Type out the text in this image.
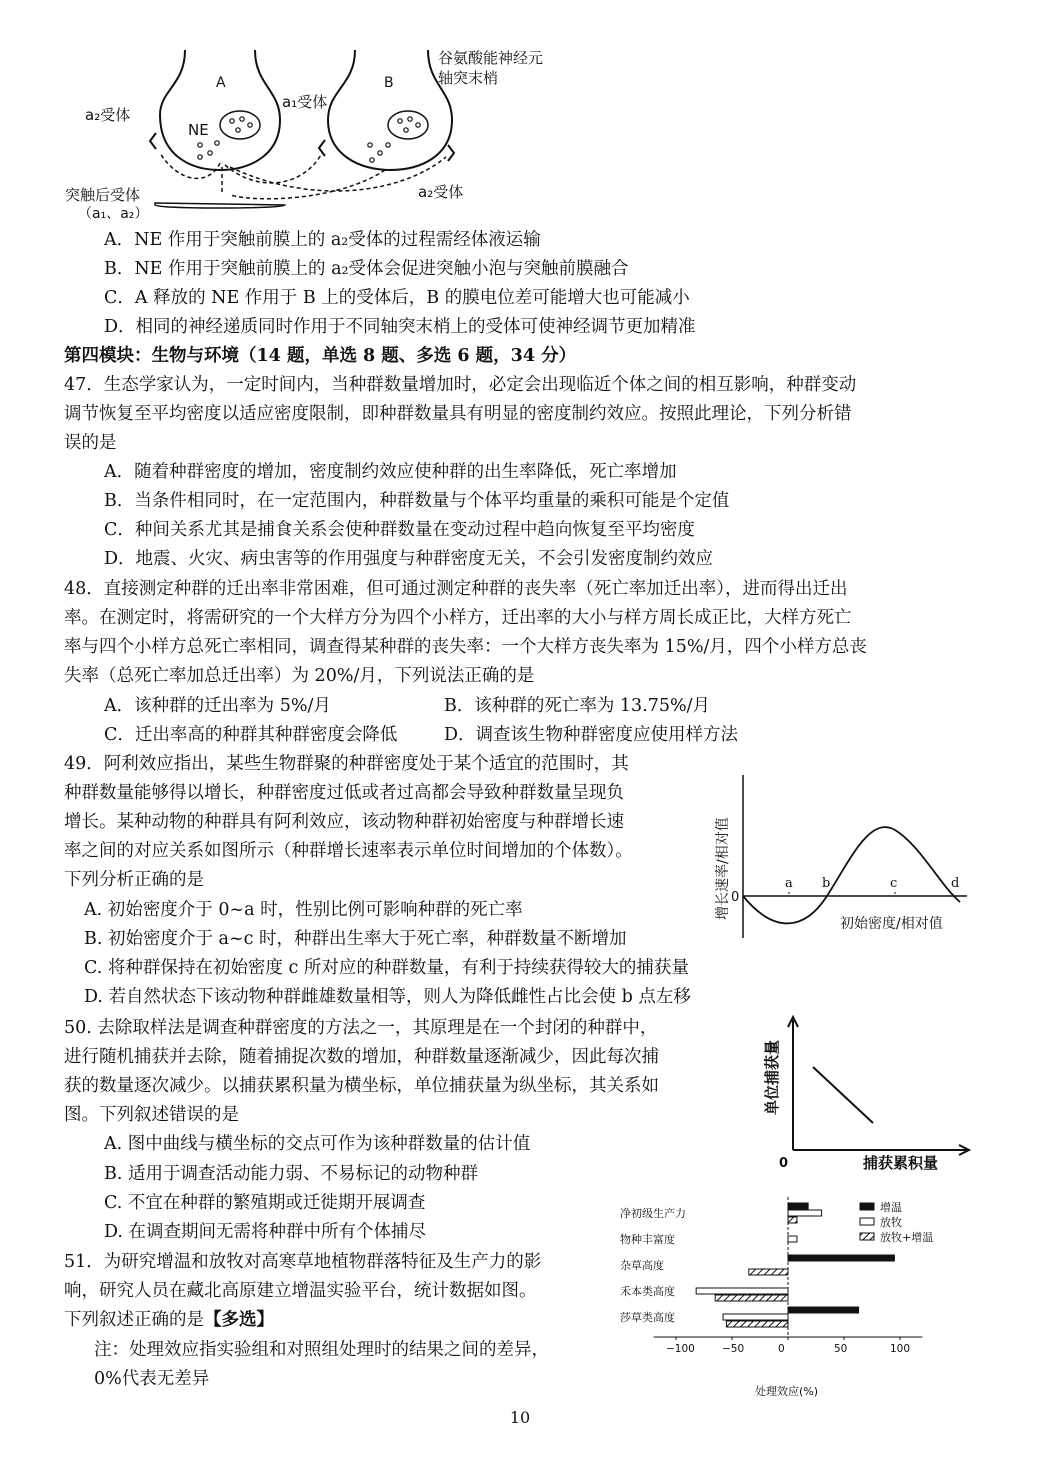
A	B
谷氨酸能神经元
轴突末梢
NE
a₂受体
a₁受体
突触后受体
（a₁、a₂）
a₂受体
A．NE 作用于突触前膜上的 a₂受体的过程需经体液运输
B．NE 作用于突触前膜上的 a₂受体会促进突触小泡与突触前膜融合
C．A 释放的 NE 作用于 B 上的受体后，B 的膜电位差可能增大也可能减小
D．相同的神经递质同时作用于不同轴突末梢上的受体可使神经调节更加精准
第四模块：生物与环境（14 题，单选 8 题、多选 6 题，34 分）
47．生态学家认为，一定时间内，当种群数量增加时，必定会出现临近个体之间的相互影响，种群变动
调节恢复至平均密度以适应密度限制，即种群数量具有明显的密度制约效应。按照此理论，下列分析错
误的是
A．随着种群密度的增加，密度制约效应使种群的出生率降低，死亡率增加
B．当条件相同时，在一定范围内，种群数量与个体平均重量的乘积可能是个定值
C．种间关系尤其是捕食关系会使种群数量在变动过程中趋向恢复至平均密度
D．地震、火灾、病虫害等的作用强度与种群密度无关，不会引发密度制约效应
48．直接测定种群的迁出率非常困难，但可通过测定种群的丧失率（死亡率加迁出率），进而得出迁出
率。在测定时，将需研究的一个大样方分为四个小样方，迁出率的大小与样方周长成正比，大样方死亡
率与四个小样方总死亡率相同，调查得某种群的丧失率：一个大样方丧失率为 15%/月，四个小样方总丧
失率（总死亡率加总迁出率）为 20%/月，下列说法正确的是
A．该种群的迁出率为 5%/月	B．该种群的死亡率为 13.75%/月
C．迁出率高的种群其种群密度会降低	D．调查该生物种群密度应使用样方法
49．阿利效应指出，某些生物群聚的种群密度处于某个适宜的范围时，其
种群数量能够得以增长，种群密度过低或者过高都会导致种群数量呈现负
增长。某种动物的种群具有阿利效应，该动物种群初始密度与种群增长速
率之间的对应关系如图所示（种群增长速率表示单位时间增加的个体数）。
下列分析正确的是
A. 初始密度介于 0~a 时，性别比例可影响种群的死亡率
B. 初始密度介于 a~c 时，种群出生率大于死亡率，种群数量不断增加
C. 将种群保持在初始密度 c 所对应的种群数量，有利于持续获得较大的捕获量
D. 若自然状态下该动物种群雌雄数量相等，则人为降低雌性占比会使 b 点左移
增长速率/相对值 0
a b	c	d
初始密度/相对值
50. 去除取样法是调查种群密度的方法之一，其原理是在一个封闭的种群中，
进行随机捕获并去除，随着捕捉次数的增加，种群数量逐渐减少，因此每次捕
获的数量逐次减少。以捕获累积量为横坐标，单位捕获量为纵坐标，其关系如
图。下列叙述错误的是
A. 图中曲线与横坐标的交点可作为该种群数量的估计值
B. 适用于调查活动能力弱、不易标记的动物种群
C. 不宜在种群的繁殖期或迁徙期开展调查
D. 在调查期间无需将种群中所有个体捕尽
单位捕获量
0	捕获累积量
51．为研究增温和放牧对高寒草地植物群落特征及生产力的影
响，研究人员在藏北高原建立增温实验平台，统计数据如图。
下列叙述正确的是【多选】
注：处理效应指实验组和对照组处理时的结果之间的差异，
0%代表无差异
净初级生产力
物种丰富度
杂草高度
禾本类高度
莎草类高度
−100	−50	0	50	100
增温
放牧
放牧+增温
处理效应(%)
10
